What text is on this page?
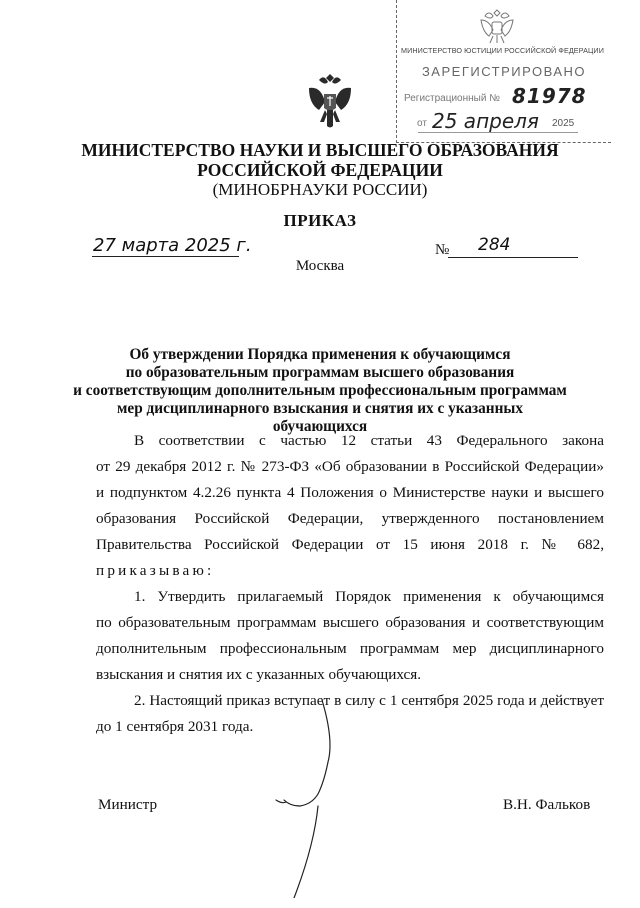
МИНИСТЕРСТВО ЮСТИЦИИ РОССИЙСКОЙ ФЕДЕРАЦИИ
ЗАРЕГИСТРИРОВАНО
Регистрационный № 81978
от 25 апреля 2025
МИНИСТЕРСТВО НАУКИ И ВЫСШЕГО ОБРАЗОВАНИЯ
РОССИЙСКОЙ ФЕДЕРАЦИИ
(МИНОБРНАУКИ РОССИИ)
ПРИКАЗ
27 марта 2025 г.	№ 284
Москва
Об утверждении Порядка применения к обучающимся
по образовательным программам высшего образования
и соответствующим дополнительным профессиональным программам
мер дисциплинарного взыскания и снятия их с указанных обучающихся
В соответствии с частью 12 статьи 43 Федерального закона
от 29 декабря 2012 г. № 273-ФЗ «Об образовании в Российской Федерации»
и подпунктом 4.2.26 пункта 4 Положения о Министерстве науки и высшего
образования Российской Федерации, утвержденного постановлением
Правительства Российской Федерации от 15 июня 2018 г. № 682,
приказываю:
1. Утвердить прилагаемый Порядок применения к обучающимся
по образовательным программам высшего образования и соответствующим
дополнительным профессиональным программам мер дисциплинарного
взыскания и снятия их с указанных обучающихся.
2. Настоящий приказ вступает в силу с 1 сентября 2025 года и действует
до 1 сентября 2031 года.
Министр	В.Н. Фальков
